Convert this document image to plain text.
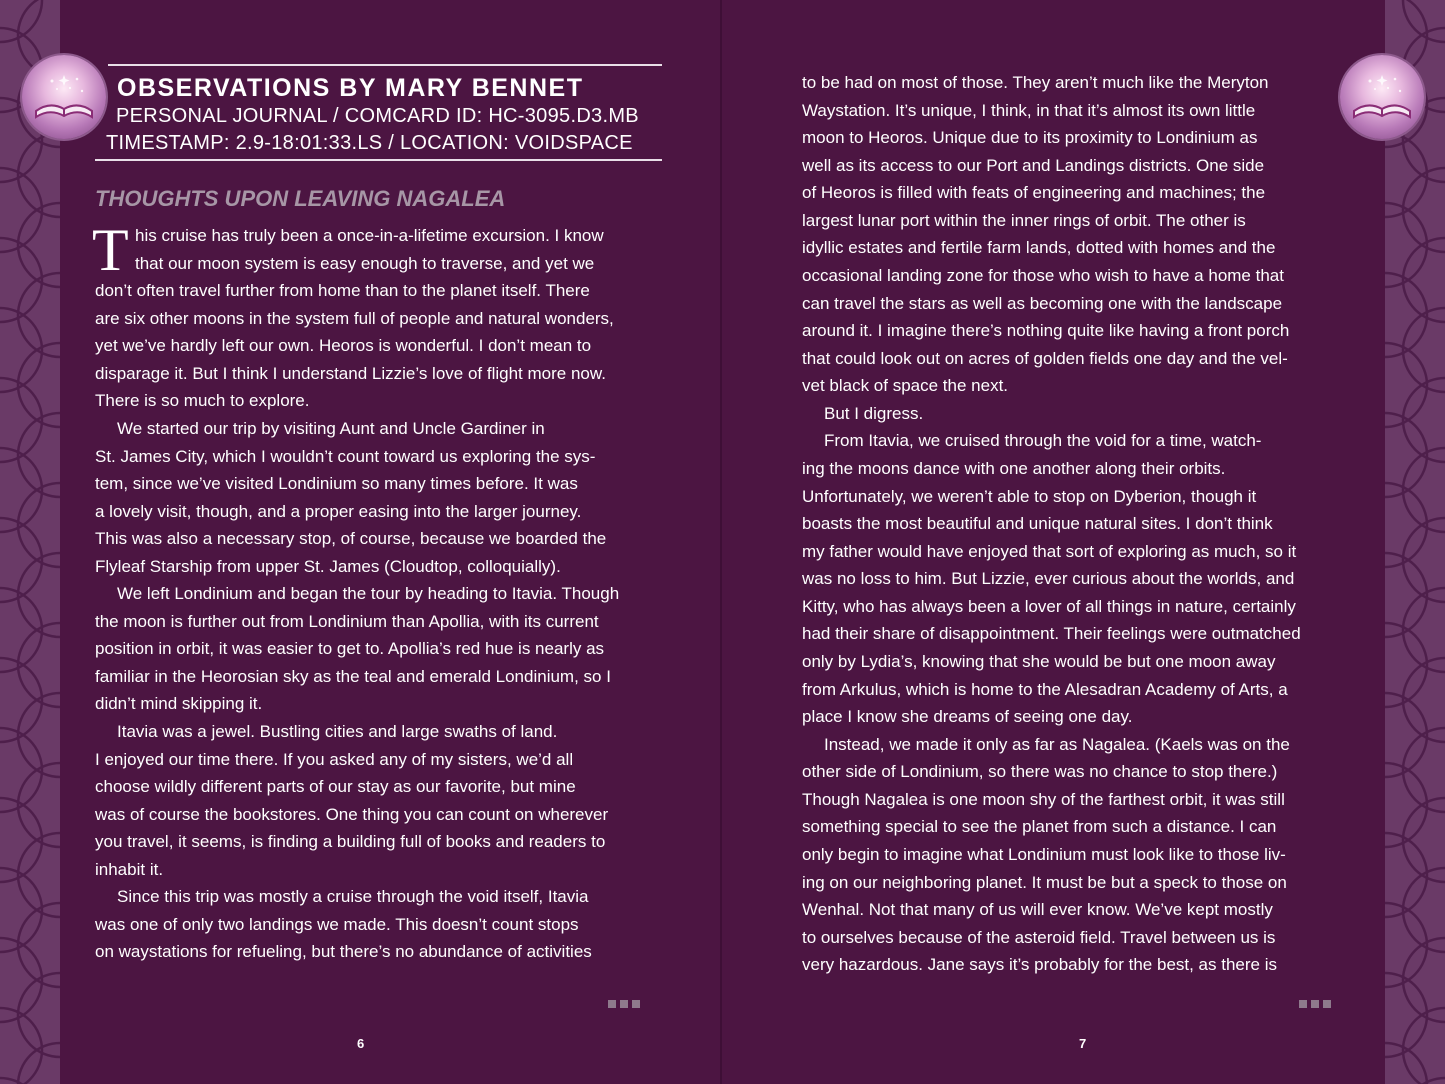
OBSERVATIONS BY MARY BENNET
PERSONAL JOURNAL / COMCARD ID: HC-3095.D3.MB
TIMESTAMP: 2.9-18:01:33.LS / LOCATION: VOIDSPACE
THOUGHTS UPON LEAVING NAGALEA
T his cruise has truly been a once-in-a-lifetime excursion. I know
that our moon system is easy enough to traverse, and yet we
don’t often travel further from home than to the planet itself. There
are six other moons in the system full of people and natural wonders,
yet we’ve hardly left our own. Heoros is wonderful. I don’t mean to
disparage it. But I think I understand Lizzie’s love of flight more now.
There is so much to explore.
We started our trip by visiting Aunt and Uncle Gardiner in
St. James City, which I wouldn’t count toward us exploring the sys-
tem, since we’ve visited Londinium so many times before. It was
a lovely visit, though, and a proper easing into the larger journey.
This was also a necessary stop, of course, because we boarded the
Flyleaf Starship from upper St. James (Cloudtop, colloquially).
We left Londinium and began the tour by heading to Itavia. Though
the moon is further out from Londinium than Apollia, with its current
position in orbit, it was easier to get to. Apollia’s red hue is nearly as
familiar in the Heorosian sky as the teal and emerald Londinium, so I
didn’t mind skipping it.
Itavia was a jewel. Bustling cities and large swaths of land.
I enjoyed our time there. If you asked any of my sisters, we’d all
choose wildly different parts of our stay as our favorite, but mine
was of course the bookstores. One thing you can count on wherever
you travel, it seems, is finding a building full of books and readers to
inhabit it.
Since this trip was mostly a cruise through the void itself, Itavia
was one of only two landings we made. This doesn’t count stops
on waystations for refueling, but there’s no abundance of activities
6
to be had on most of those. They aren’t much like the Meryton
Waystation. It’s unique, I think, in that it’s almost its own little
moon to Heoros. Unique due to its proximity to Londinium as
well as its access to our Port and Landings districts. One side
of Heoros is filled with feats of engineering and machines; the
largest lunar port within the inner rings of orbit. The other is
idyllic estates and fertile farm lands, dotted with homes and the
occasional landing zone for those who wish to have a home that
can travel the stars as well as becoming one with the landscape
around it. I imagine there’s nothing quite like having a front porch
that could look out on acres of golden fields one day and the vel-
vet black of space the next.
But I digress.
From Itavia, we cruised through the void for a time, watch-
ing the moons dance with one another along their orbits.
Unfortunately, we weren’t able to stop on Dyberion, though it
boasts the most beautiful and unique natural sites. I don’t think
my father would have enjoyed that sort of exploring as much, so it
was no loss to him. But Lizzie, ever curious about the worlds, and
Kitty, who has always been a lover of all things in nature, certainly
had their share of disappointment. Their feelings were outmatched
only by Lydia’s, knowing that she would be but one moon away
from Arkulus, which is home to the Alesadran Academy of Arts, a
place I know she dreams of seeing one day.
Instead, we made it only as far as Nagalea. (Kaels was on the
other side of Londinium, so there was no chance to stop there.)
Though Nagalea is one moon shy of the farthest orbit, it was still
something special to see the planet from such a distance. I can
only begin to imagine what Londinium must look like to those liv-
ing on our neighboring planet. It must be but a speck to those on
Wenhal. Not that many of us will ever know. We’ve kept mostly
to ourselves because of the asteroid field. Travel between us is
very hazardous. Jane says it’s probably for the best, as there is
7
